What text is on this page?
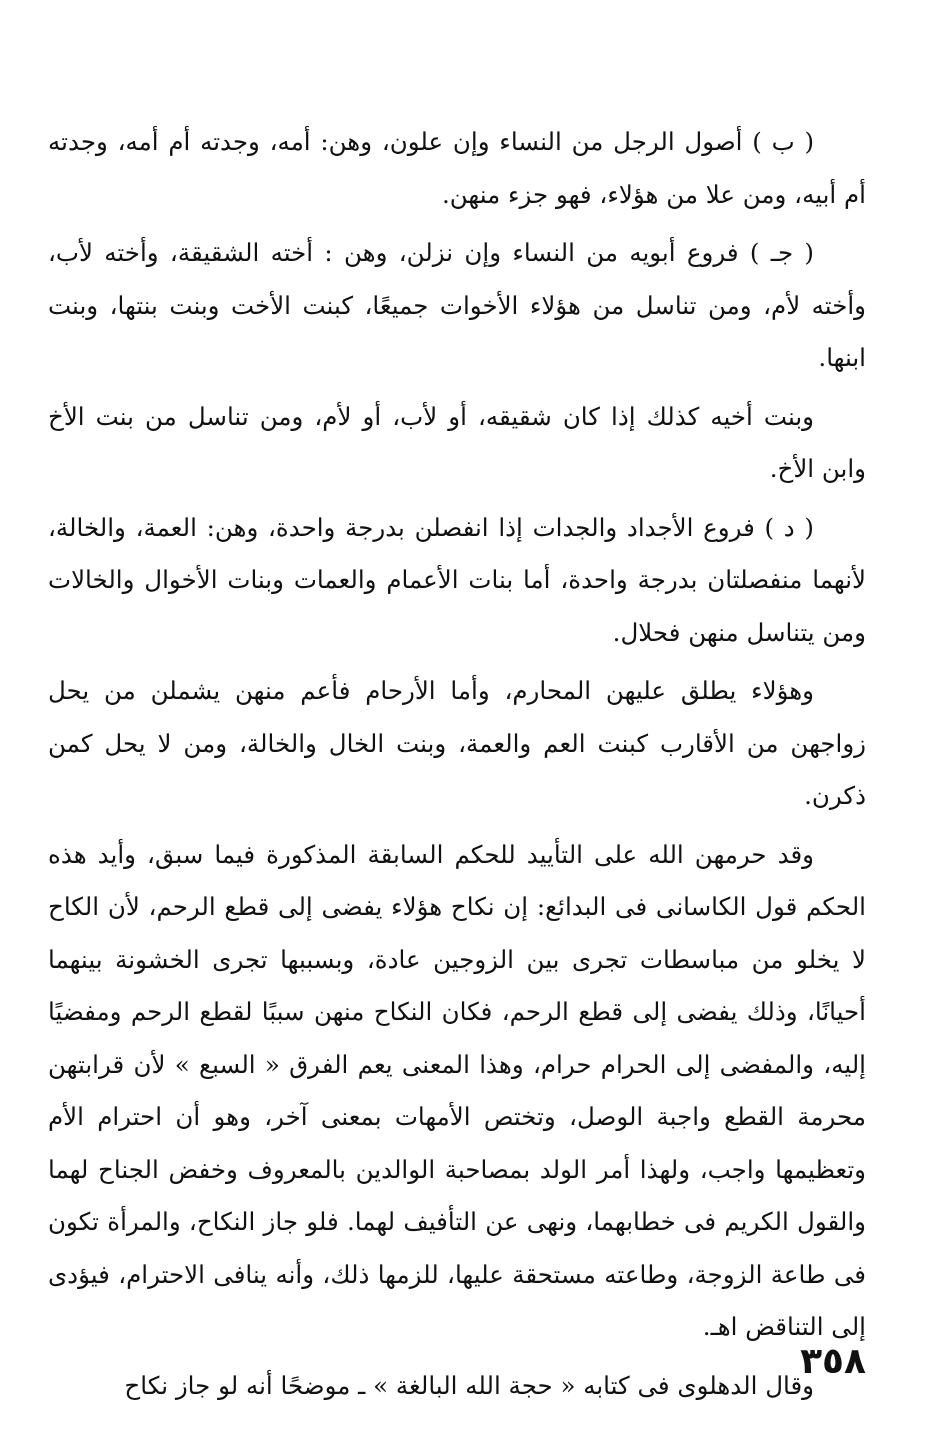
( ب ) أصول الرجل من النساء وإن علون، وهن: أمه، وجدته أم أمه، وجدته أم أبيه، ومن علا من هؤلاء، فهو جزء منهن.

( جـ ) فروع أبويه من النساء وإن نزلن، وهن : أخته الشقيقة، وأخته لأب، وأخته لأم، ومن تناسل من هؤلاء الأخوات جميعًا، كبنت الأخت وبنت بنتها، وبنت ابنها.

وبنت أخيه كذلك إذا كان شقيقه، أو لأب، أو لأم، ومن تناسل من بنت الأخ وابن الأخ.

( د ) فروع الأجداد والجدات إذا انفصلن بدرجة واحدة، وهن: العمة، والخالة، لأنهما منفصلتان بدرجة واحدة، أما بنات الأعمام والعمات وبنات الأخوال والخالات ومن يتناسل منهن فحلال.

وهؤلاء يطلق عليهن المحارم، وأما الأرحام فأعم منهن يشملن من يحل زواجهن من الأقارب كبنت العم والعمة، وبنت الخال والخالة، ومن لا يحل كمن ذكرن.

وقد حرمهن الله على التأييد للحكم السابقة المذكورة فيما سبق، وأيد هذه الحكم قول الكاسانى فى البدائع: إن نكاح هؤلاء يفضى إلى قطع الرحم، لأن الكاح لا يخلو من مباسطات تجرى بين الزوجين عادة، وبسببها تجرى الخشونة بينهما أحيانًا، وذلك يفضى إلى قطع الرحم، فكان النكاح منهن سببًا لقطع الرحم ومفضيًا إليه، والمفضى إلى الحرام حرام، وهذا المعنى يعم الفرق « السبع » لأن قرابتهن محرمة القطع واجبة الوصل، وتختص الأمهات بمعنى آخر، وهو أن احترام الأم وتعظيمها واجب، ولهذا أمر الولد بمصاحبة الوالدين بالمعروف وخفض الجناح لهما والقول الكريم فى خطابهما، ونهى عن التأفيف لهما. فلو جاز النكاح، والمرأة تكون فى طاعة الزوجة، وطاعته مستحقة عليها، للزمها ذلك، وأنه ينافى الاحترام، فيؤدى إلى التناقض اهـ.

وقال الدهلوى فى كتابه « حجة الله البالغة » ـ موضحًا أنه لو جاز نكاح

٣٥٨
